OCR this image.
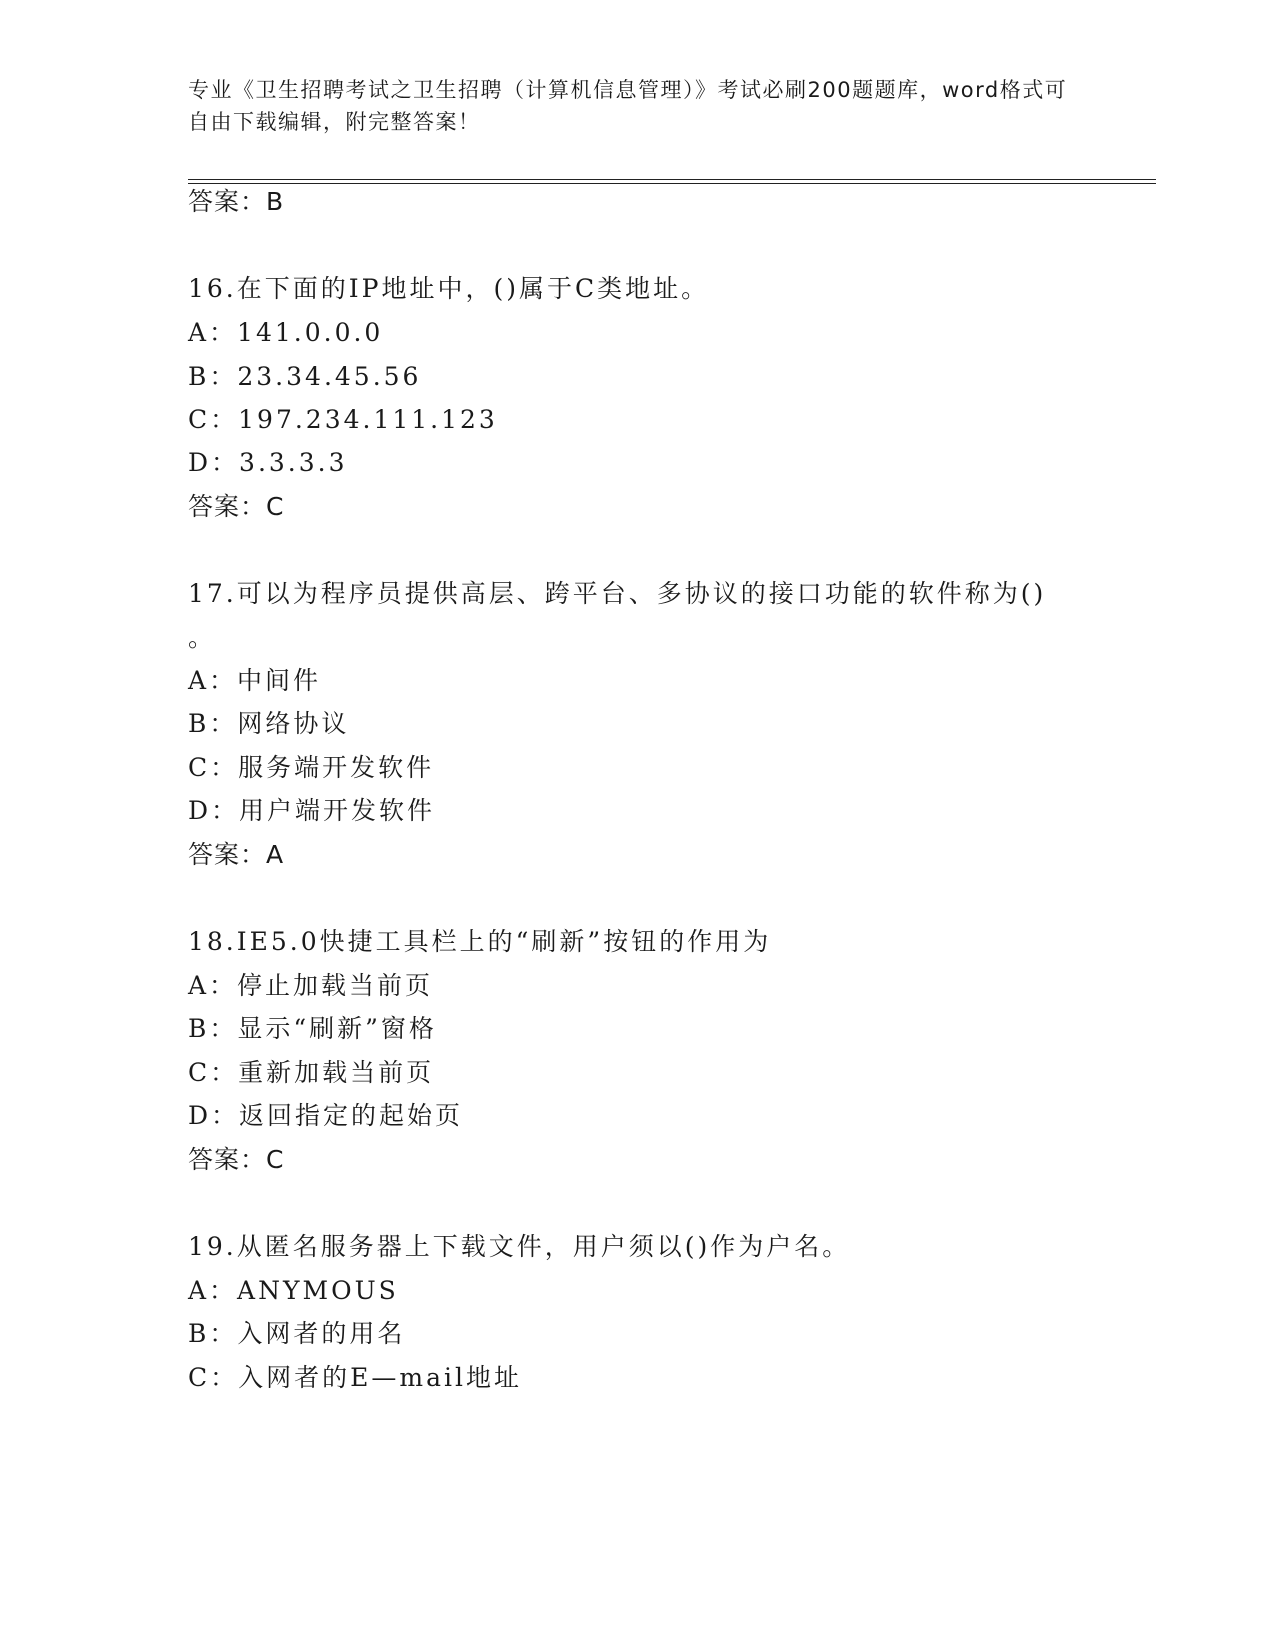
专业《卫生招聘考试之卫生招聘（计算机信息管理）》考试必刷200题题库，word格式可自由下载编辑，附完整答案！
答案：B
16.在下面的IP地址中，()属于C类地址。
A：141.0.0.0
B：23.34.45.56
C：197.234.111.123
D：3.3.3.3
答案：C
17.可以为程序员提供高层、跨平台、多协议的接口功能的软件称为()
。
A：中间件
B：网络协议
C：服务端开发软件
D：用户端开发软件
答案：A
18.IE5.0快捷工具栏上的“刷新”按钮的作用为
A：停止加载当前页
B：显示“刷新”窗格
C：重新加载当前页
D：返回指定的起始页
答案：C
19.从匿名服务器上下载文件，用户须以()作为户名。
A：ANYMOUS
B：入网者的用名
C：入网者的E—mail地址
